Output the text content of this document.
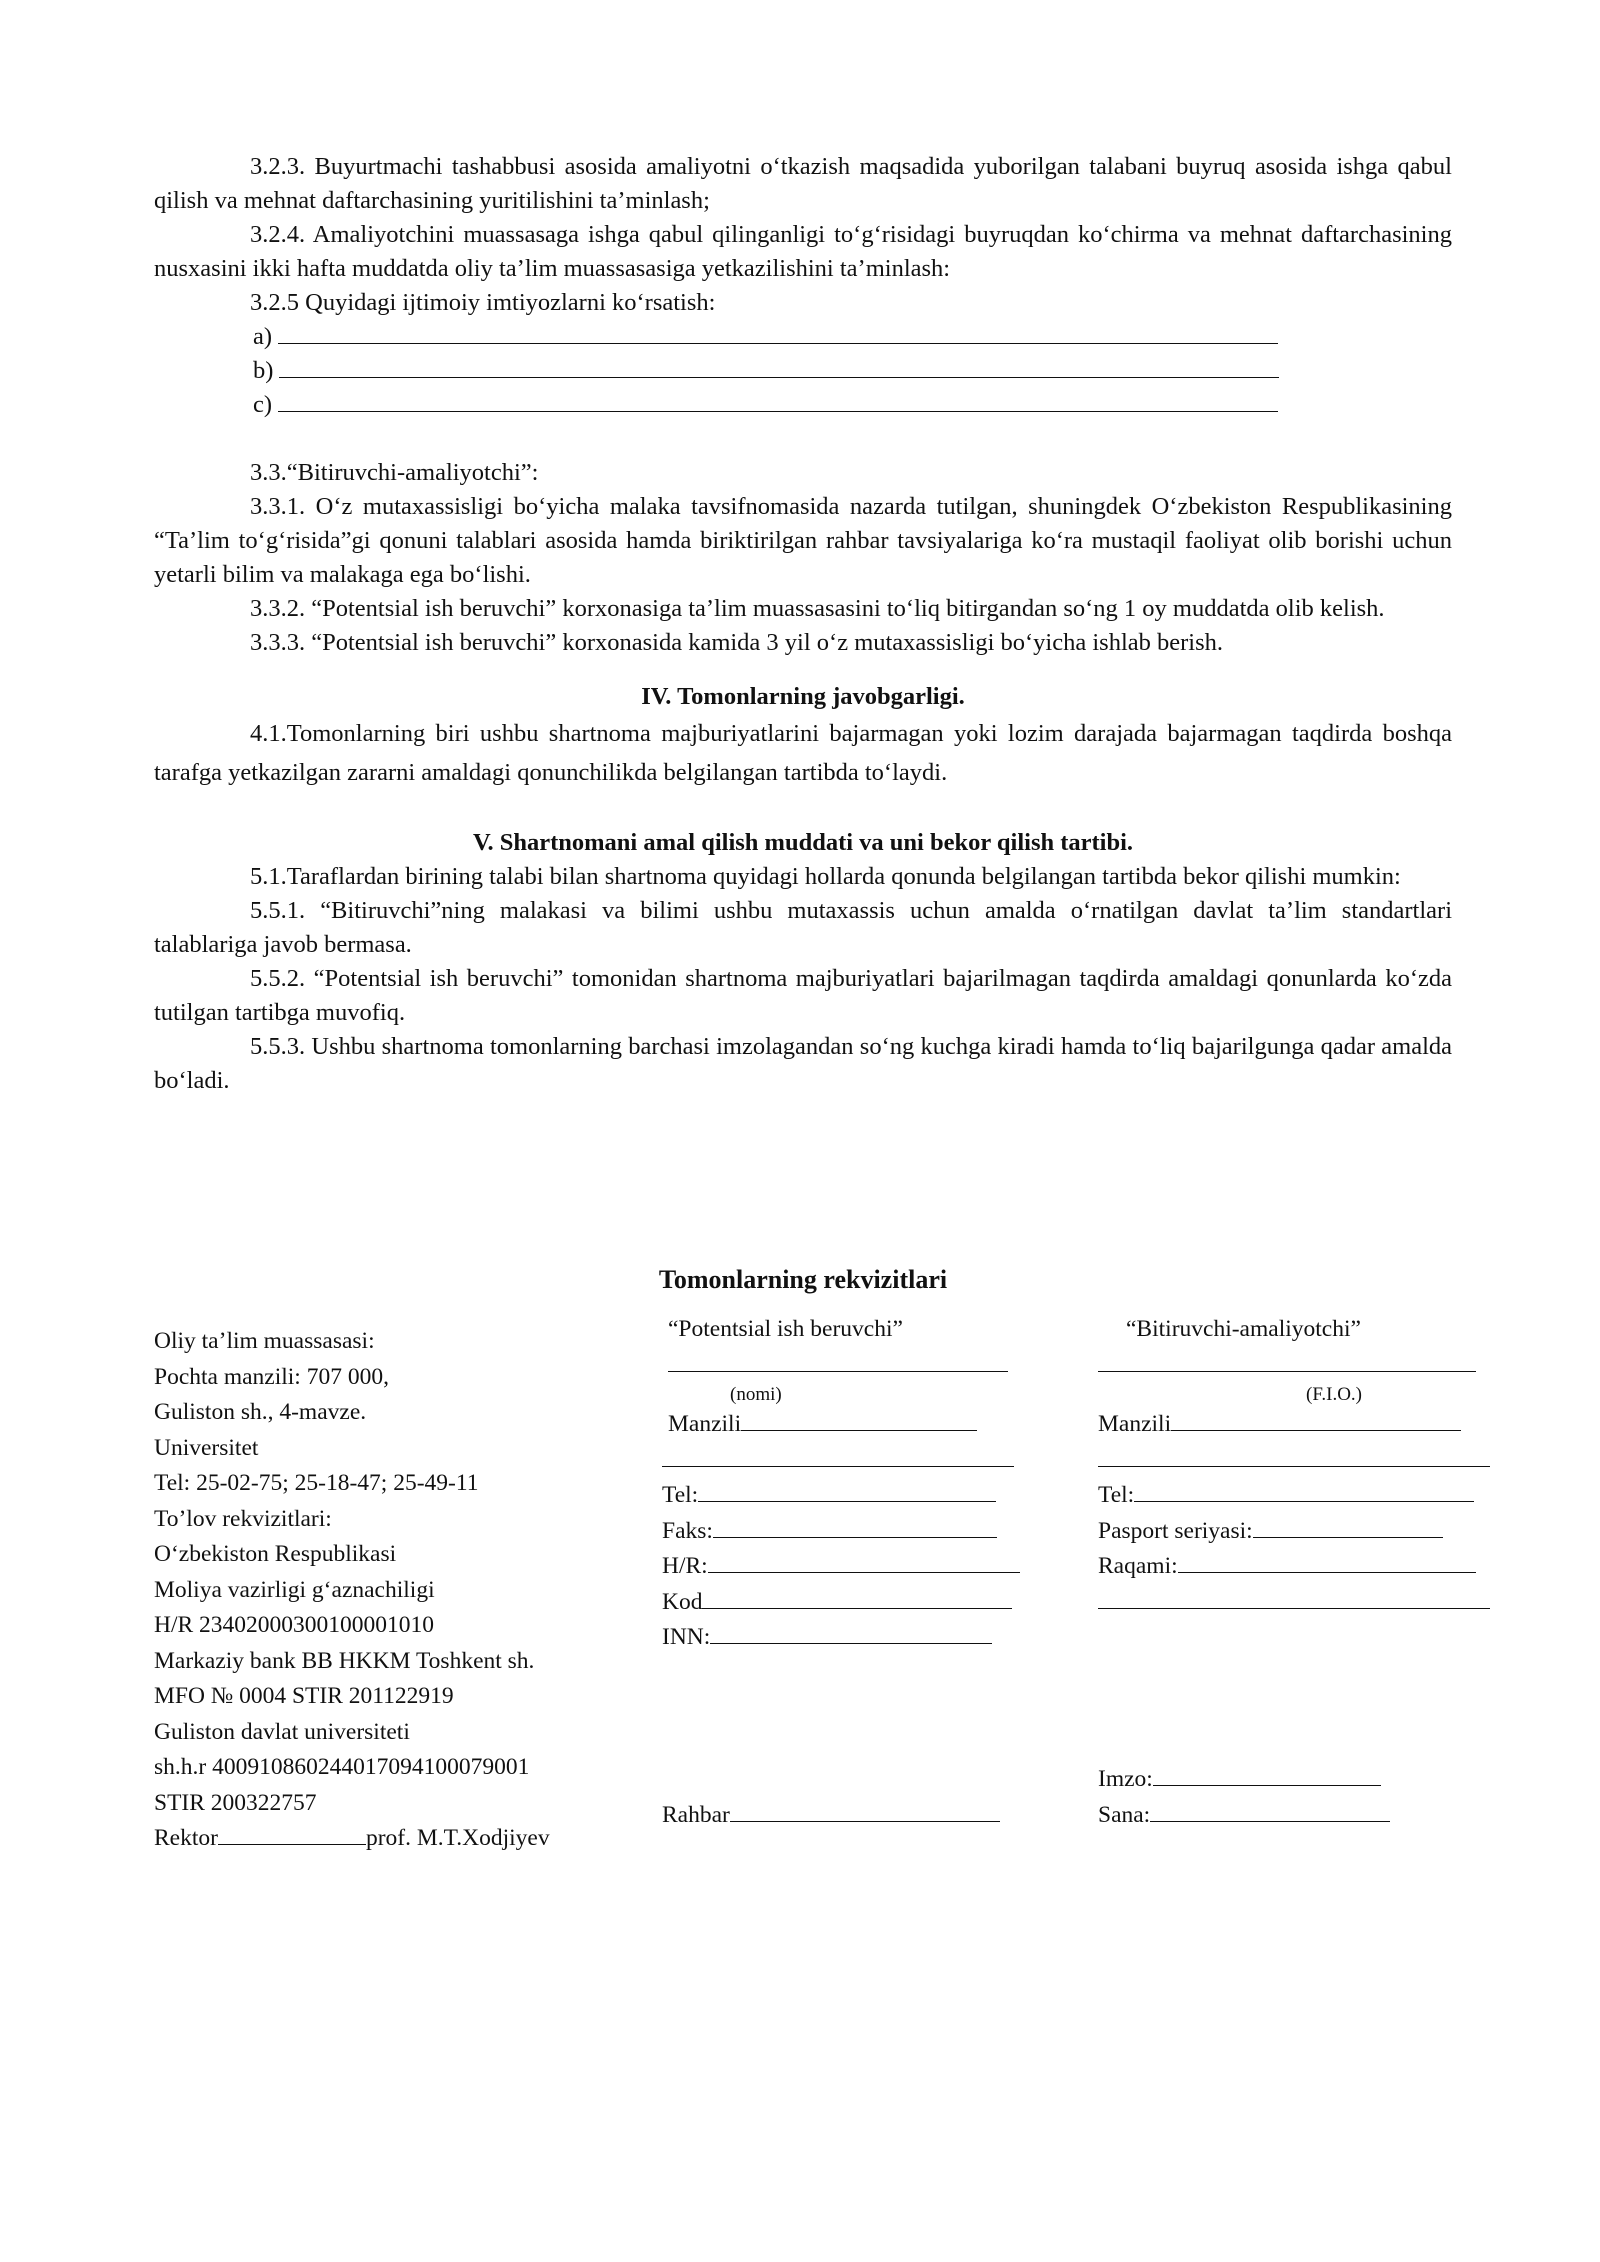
3.2.3. Buyurtmachi tashabbusi asosida amaliyotni o‘tkazish maqsadida yuborilgan talabani buyruq asosida ishga qabul qilish va mehnat daftarchasining yuritilishini ta’minlash;

3.2.4. Amaliyotchini muassasaga ishga qabul qilinganligi to‘g‘risidagi buyruqdan ko‘chirma va mehnat daftarchasining nusxasini ikki hafta muddatda oliy ta’lim muassasasiga yetkazilishini ta’minlash:

3.2.5 Quyidagi ijtimoiy imtiyozlarni ko‘rsatish:

a)
b)
c)

3.3.“Bitiruvchi-amaliyotchi”:

3.3.1. O‘z mutaxassisligi bo‘yicha malaka tavsifnomasida nazarda tutilgan, shuningdek O‘zbekiston Respublikasining “Ta’lim to‘g‘risida”gi qonuni talablari asosida hamda biriktirilgan rahbar tavsiyalariga ko‘ra mustaqil faoliyat olib borishi uchun yetarli bilim va malakaga ega bo‘lishi.

3.3.2. “Potentsial ish beruvchi” korxonasiga ta’lim muassasasini to‘liq bitirgandan so‘ng 1 oy muddatda olib kelish.

3.3.3. “Potentsial ish beruvchi” korxonasida kamida 3 yil o‘z mutaxassisligi bo‘yicha ishlab berish.

IV. Tomonlarning javobgarligi.

4.1.Tomonlarning biri ushbu shartnoma majburiyatlarini bajarmagan yoki lozim darajada bajarmagan taqdirda boshqa tarafga yetkazilgan zararni amaldagi qonunchilikda belgilangan tartibda to‘laydi.

V. Shartnomani amal qilish muddati va uni bekor qilish tartibi.

5.1.Taraflardan birining talabi bilan shartnoma quyidagi hollarda qonunda belgilangan tartibda bekor qilishi mumkin:

5.5.1. “Bitiruvchi”ning malakasi va bilimi ushbu mutaxassis uchun amalda o‘rnatilgan davlat ta’lim standartlari talablariga javob bermasa.

5.5.2. “Potentsial ish beruvchi” tomonidan shartnoma majburiyatlari bajarilmagan taqdirda amaldagi qonunlarda ko‘zda tutilgan tartibga muvofiq.

5.5.3. Ushbu shartnoma tomonlarning barchasi imzolagandan so‘ng kuchga kiradi hamda to‘liq bajarilgunga qadar amalda bo‘ladi.

Tomonlarning rekvizitlari
Oliy ta’lim muassasasi:
Pochta manzili: 707 000,
Guliston sh., 4-mavze.
Universitet
Tel: 25-02-75; 25-18-47; 25-49-11
To’lov rekvizitlari:
O‘zbekiston Respublikasi
Moliya vazirligi g‘aznachiligi
H/R 23402000300100001010
Markaziy bank BB HKKM Toshkent sh.
MFO № 0004 STIR 201122919
Guliston davlat universiteti
sh.h.r 400910860244017094100079001
STIR 200322757
Rektor	prof. M.T.Xodjiyev
“Potentsial ish beruvchi”
(nomi)
Manzili
Tel:
Faks:
H/R:
Kod
INN:
Rahbar
“Bitiruvchi-amaliyotchi”
(F.I.O.)
Manzili
Tel:
Pasport seriyasi:
Raqami:
Imzo:
Sana:
